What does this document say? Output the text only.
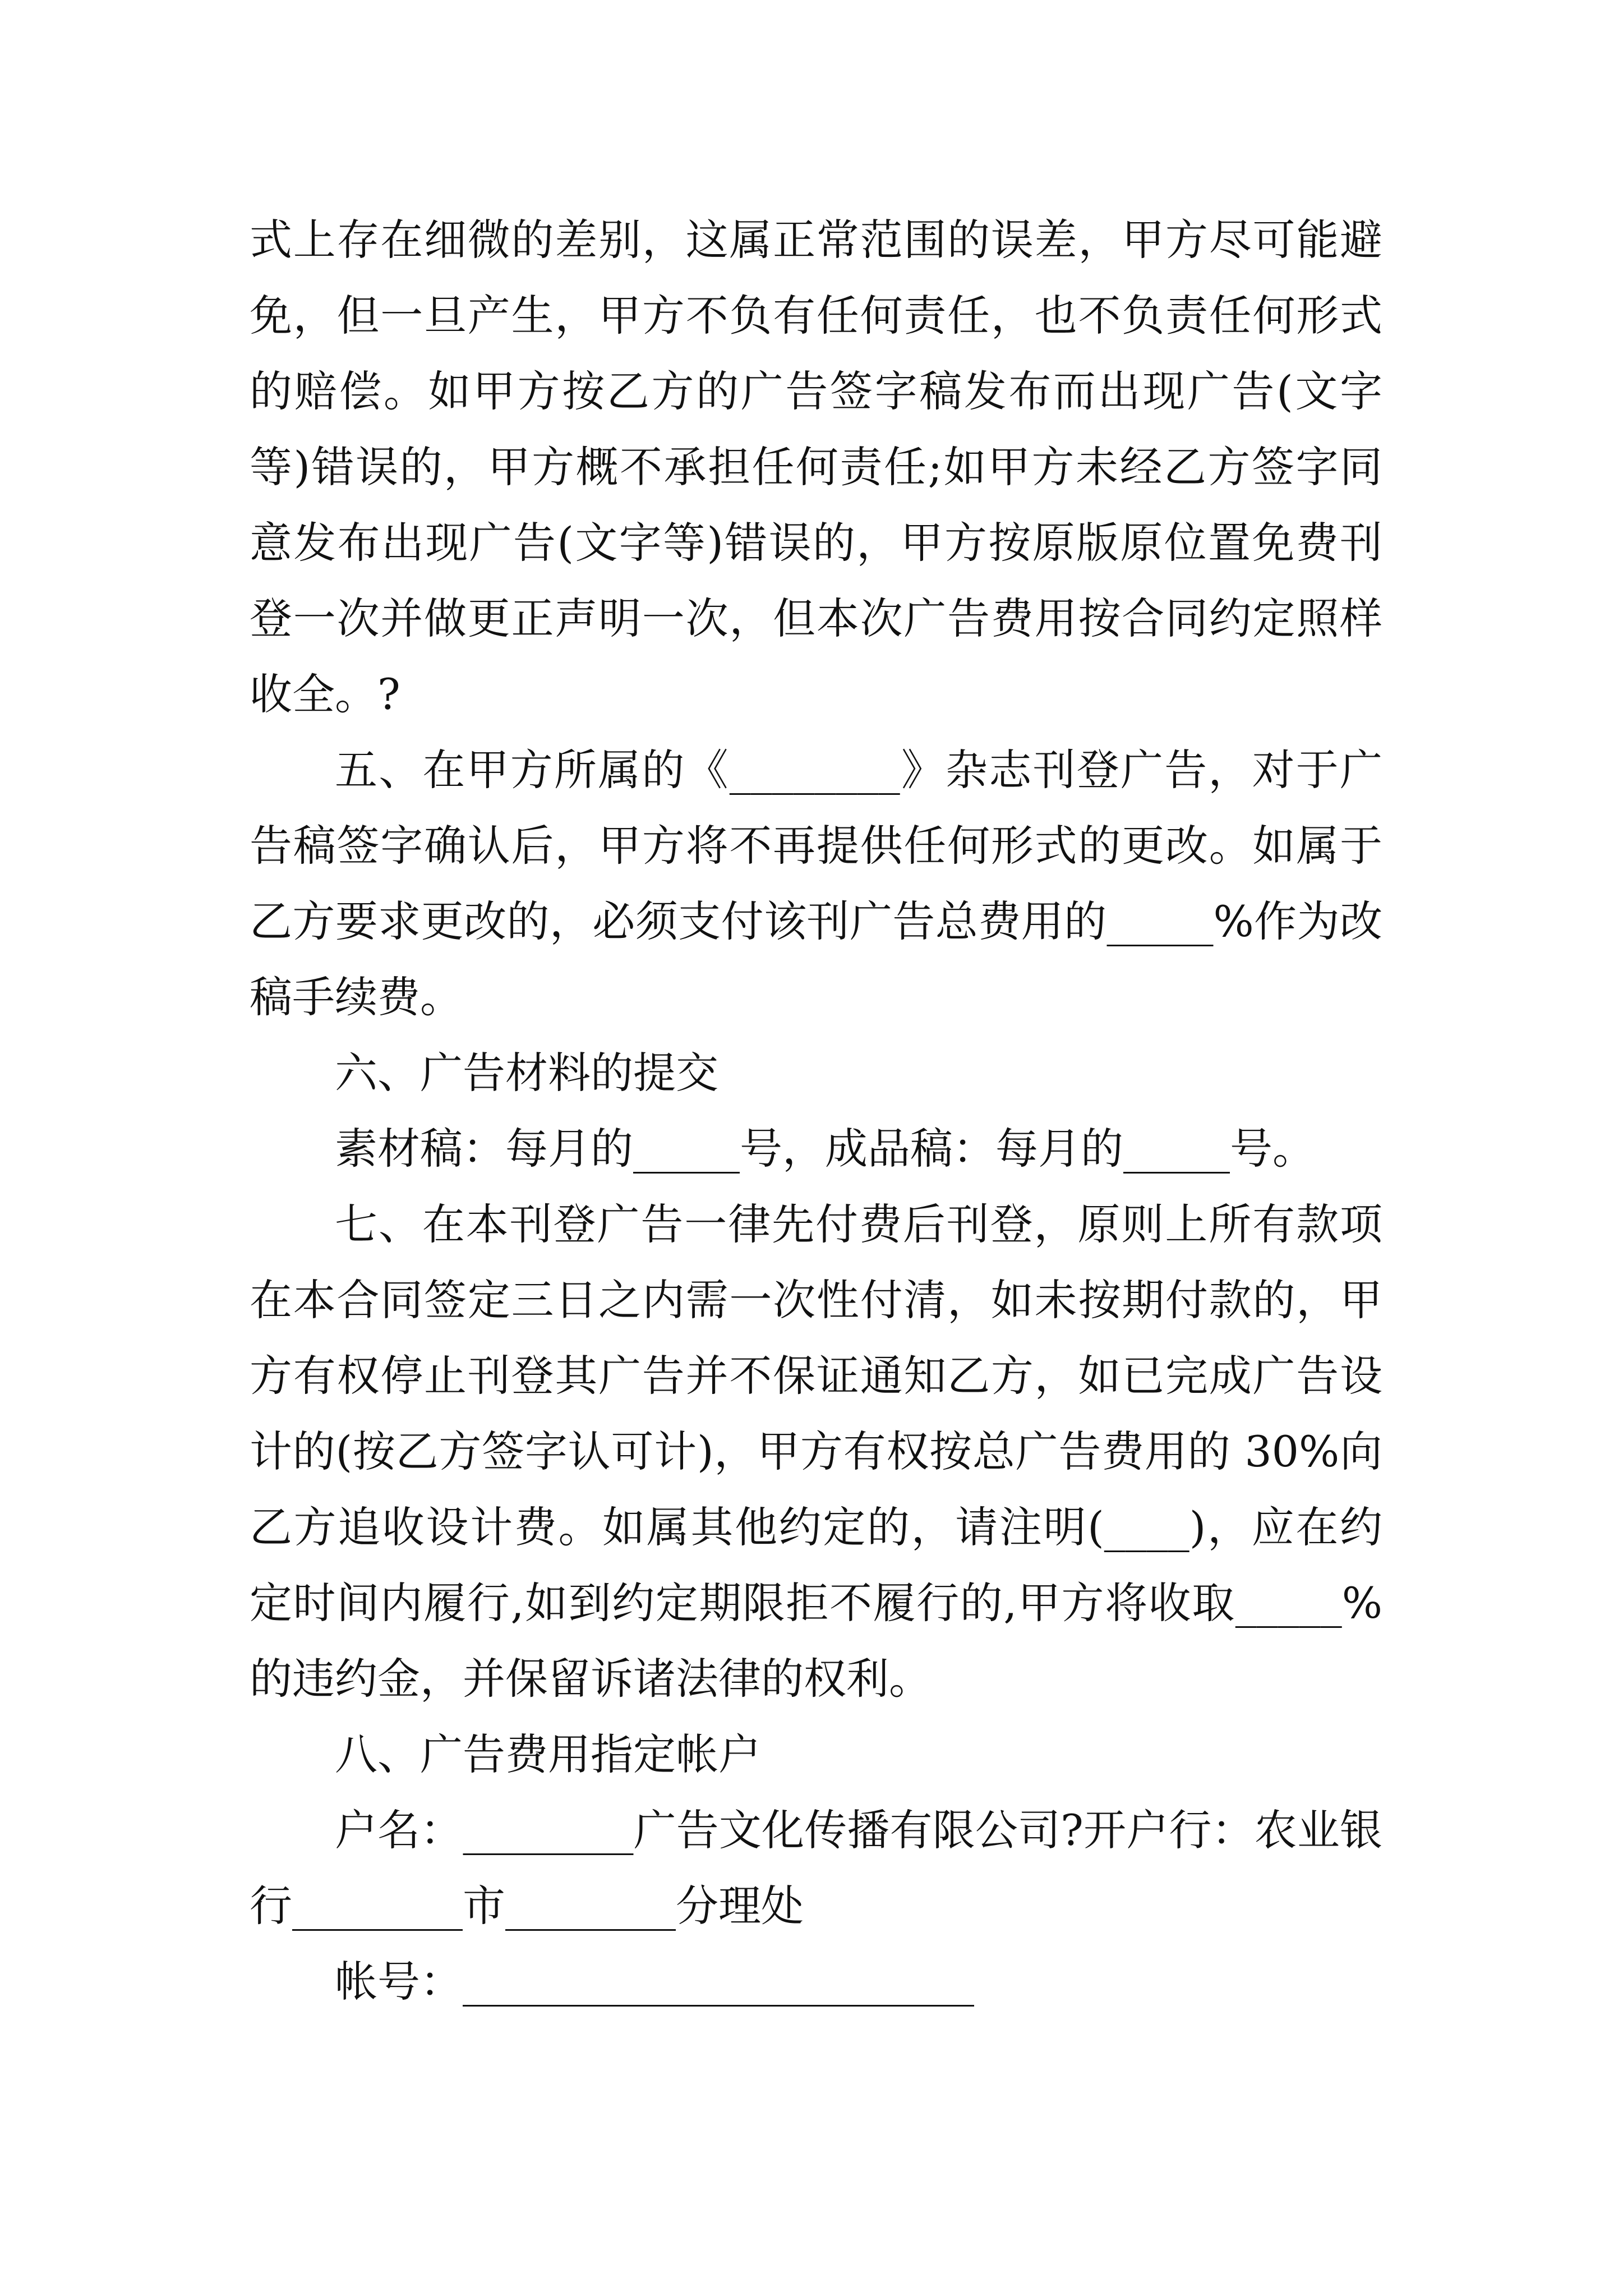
式上存在细微的差别，这属正常范围的误差，甲方尽可能避
免，但一旦产生，甲方不负有任何责任，也不负责任何形式
的赔偿。如甲方按乙方的广告签字稿发布而出现广告(文字
等)错误的，甲方概不承担任何责任;如甲方未经乙方签字同
意发布出现广告(文字等)错误的，甲方按原版原位置免费刊
登一次并做更正声明一次，但本次广告费用按合同约定照样
收全。?
五、在甲方所属的《________》杂志刊登广告，对于广
告稿签字确认后，甲方将不再提供任何形式的更改。如属于
乙方要求更改的，必须支付该刊广告总费用的_____%作为改
稿手续费。
六、广告材料的提交
素材稿：每月的_____号，成品稿：每月的_____号。
七、在本刊登广告一律先付费后刊登，原则上所有款项
在本合同签定三日之内需一次性付清，如未按期付款的，甲
方有权停止刊登其广告并不保证通知乙方，如已完成广告设
计的(按乙方签字认可计)，甲方有权按总广告费用的 30%向
乙方追收设计费。如属其他约定的，请注明(____)，应在约
定时间内履行,如到约定期限拒不履行的,甲方将收取_____%
的违约金，并保留诉诸法律的权利。
八、广告费用指定帐户
户名：________广告文化传播有限公司?开户行：农业银
行________市________分理处
帐号：________________________
